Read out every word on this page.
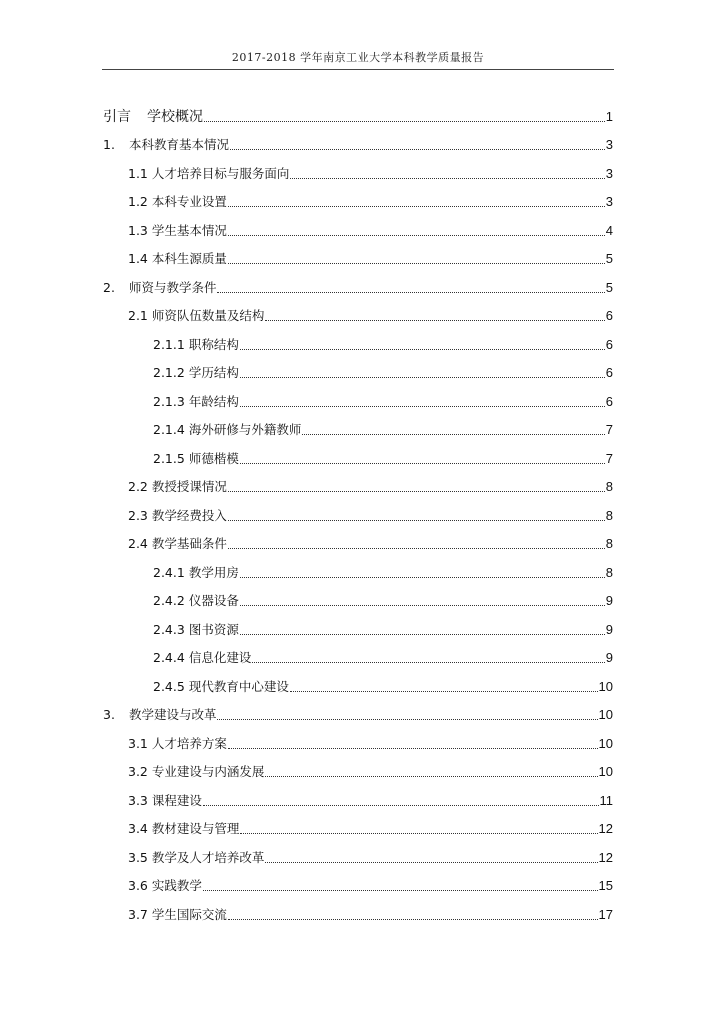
2017-2018 学年南京工业大学本科教学质量报告
引言 学校概况	1
1. 本科教育基本情况	3
1.1 人才培养目标与服务面向	3
1.2 本科专业设置	3
1.3 学生基本情况	4
1.4 本科生源质量	5
2. 师资与教学条件	5
2.1 师资队伍数量及结构	6
2.1.1 职称结构	6
2.1.2 学历结构	6
2.1.3 年龄结构	6
2.1.4 海外研修与外籍教师	7
2.1.5 师德楷模	7
2.2 教授授课情况	8
2.3 教学经费投入	8
2.4 教学基础条件	8
2.4.1 教学用房	8
2.4.2 仪器设备	9
2.4.3 图书资源	9
2.4.4 信息化建设	9
2.4.5 现代教育中心建设	10
3. 教学建设与改革	10
3.1 人才培养方案	10
3.2 专业建设与内涵发展	10
3.3 课程建设	11
3.4 教材建设与管理	12
3.5 教学及人才培养改革	12
3.6 实践教学	15
3.7 学生国际交流	17
